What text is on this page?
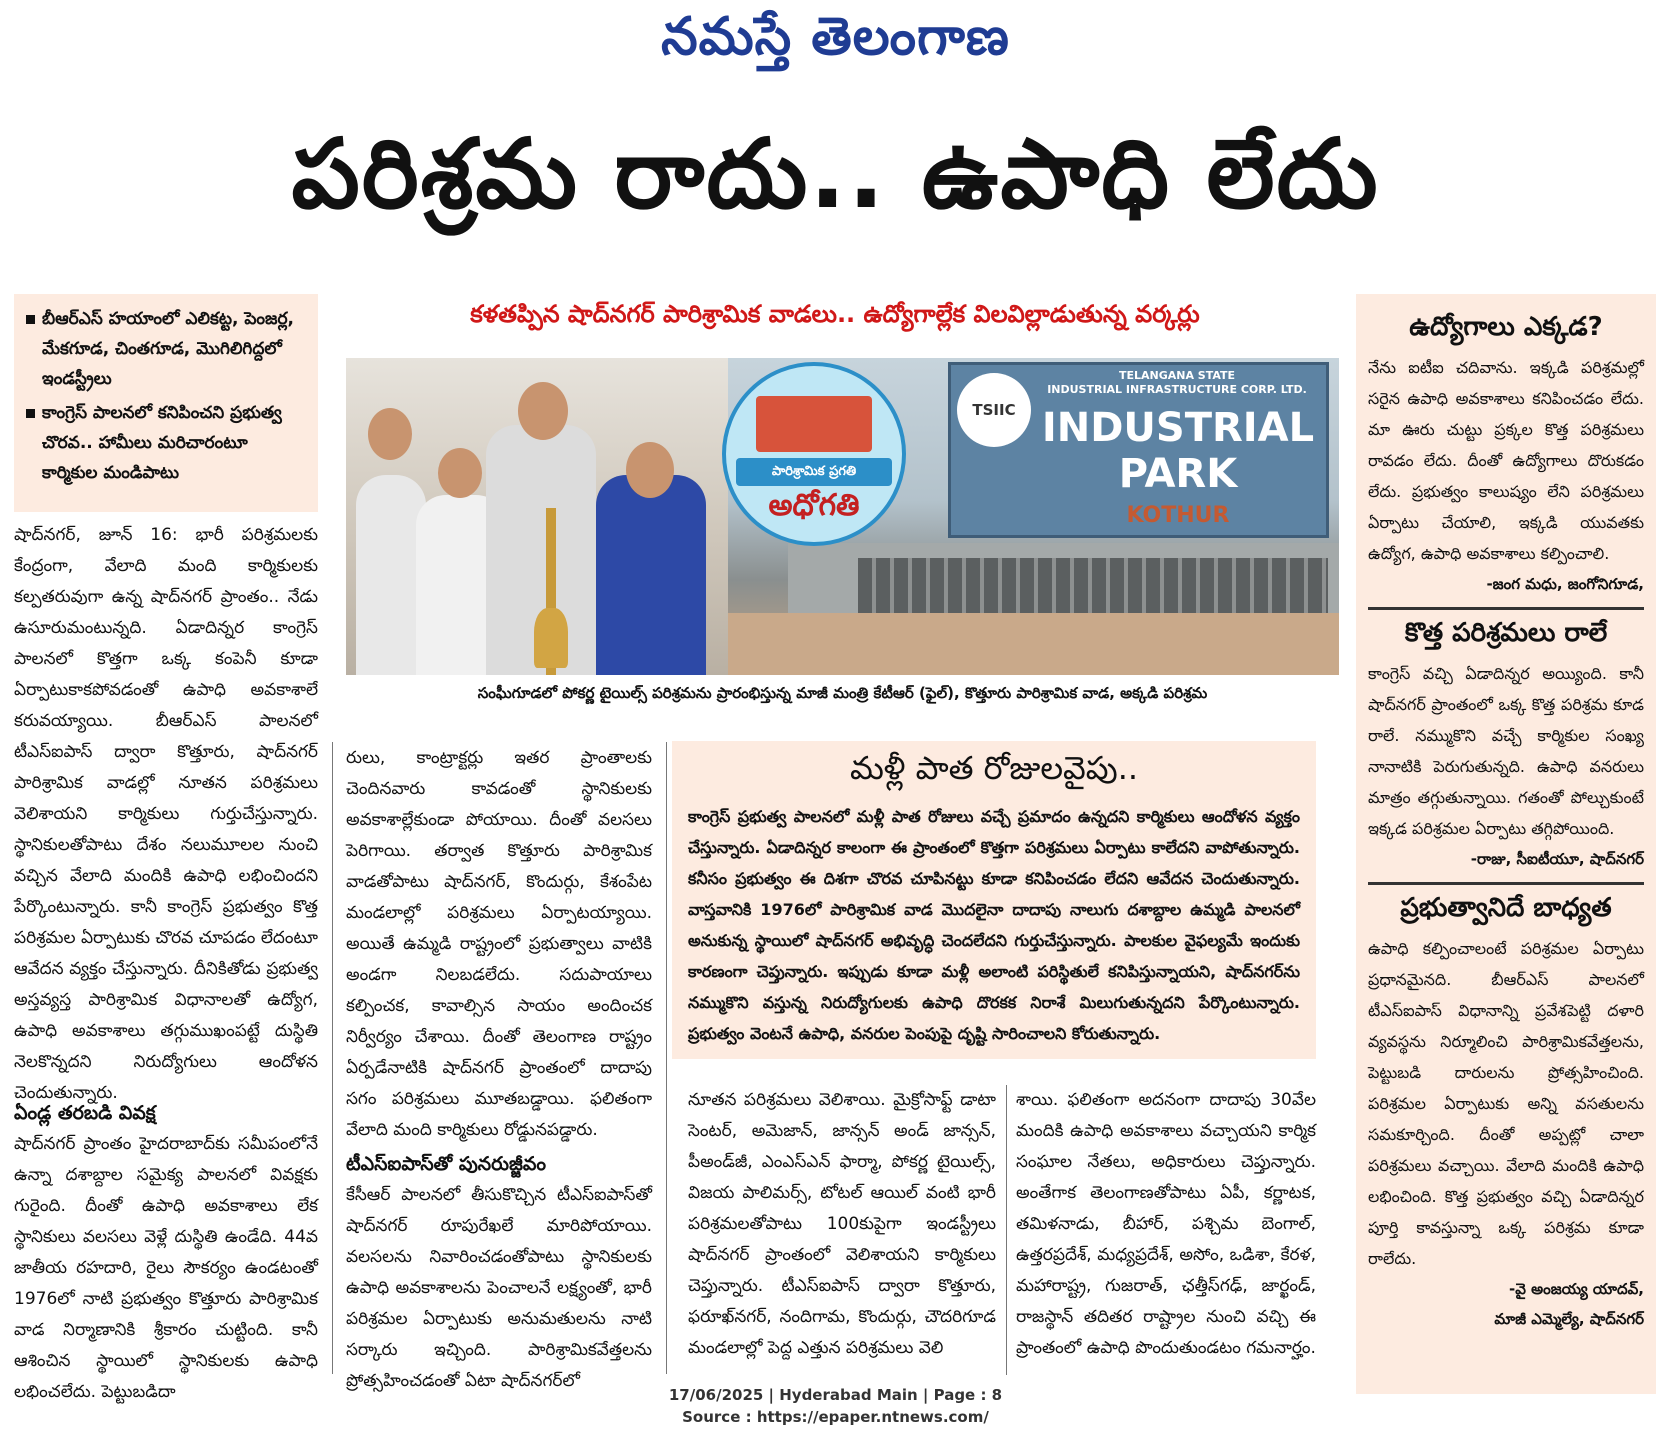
నమస్తే తెలంగాణ
పరిశ్రమ రాదు.. ఉపాధి లేదు
బీఆర్ఎస్ హయాంలో ఎలికట్ట, పెంజర్ల, మేకగూడ, చింతగూడ, మొగిలిగిద్దలో ఇండస్ట్రీలు
కాంగ్రెస్ పాలనలో కనిపించని ప్రభుత్వ చొరవ.. హామీలు మరిచారంటూ కార్మికుల మండిపాటు
కళతప్పిన షాద్‌నగర్ పారిశ్రామిక వాడలు.. ఉద్యోగాల్లేక విలవిల్లాడుతున్న వర్కర్లు
TSIIC
TELANGANA STATE
INDUSTRIAL INFRASTRUCTURE CORP. LTD.
INDUSTRIAL PARK
KOTHUR
పారిశ్రామిక ప్రగతి
అధోగతి
సంఘీగూడలో పోకర్ణ టైయిల్స్ పరిశ్రమను ప్రారంభిస్తున్న మాజీ మంత్రి కేటీఆర్ (ఫైల్), కొత్తూరు పారిశ్రామిక వాడ, అక్కడి పరిశ్రమ
షాద్‌నగర్, జూన్ 16: భారీ పరిశ్రమలకు కేంద్రంగా, వేలాది మంది కార్మికులకు కల్పతరువుగా ఉన్న షాద్‌నగర్ ప్రాంతం.. నేడు ఉసూరుమంటున్నది. ఏడాదిన్నర కాంగ్రెస్ పాలనలో కొత్తగా ఒక్క కంపెనీ కూడా ఏర్పాటుకాకపోవడంతో ఉపాధి అవకాశాలే కరువయ్యాయి. బీఆర్ఎస్ పాలనలో టీఎస్‌ఐపాస్ ద్వారా కొత్తూరు, షాద్‌నగర్ పారిశ్రామిక వాడల్లో నూతన పరిశ్రమలు వెలిశాయని కార్మికులు గుర్తుచేస్తున్నారు. స్థానికులతోపాటు దేశం నలుమూలల నుంచి వచ్చిన వేలాది మందికి ఉపాధి లభించిందని పేర్కొంటున్నారు. కానీ కాంగ్రెస్ ప్రభుత్వం కొత్త పరిశ్రమల ఏర్పాటుకు చొరవ చూపడం లేదంటూ ఆవేదన వ్యక్తం చేస్తున్నారు. దీనికితోడు ప్రభుత్వ అస్తవ్యస్త పారిశ్రామిక విధానాలతో ఉద్యోగ, ఉపాధి అవకాశాలు తగ్గుముఖంపట్టే దుస్థితి నెలకొన్నదని నిరుద్యోగులు ఆందోళన చెందుతున్నారు.
ఏండ్ల తరబడి వివక్ష
షాద్‌నగర్ ప్రాంతం హైదరాబాద్‌కు సమీపంలోనే ఉన్నా దశాబ్దాల సమైక్య పాలనలో వివక్షకు గురైంది. దీంతో ఉపాధి అవకాశాలు లేక స్థానికులు వలసలు వెళ్లే దుస్థితి ఉండేది. 44వ జాతీయ రహదారి, రైలు సౌకర్యం ఉండటంతో 1976లో నాటి ప్రభుత్వం కొత్తూరు పారిశ్రామిక వాడ నిర్మాణానికి శ్రీకారం చుట్టింది. కానీ ఆశించిన స్థాయిలో స్థానికులకు ఉపాధి లభించలేదు. పెట్టుబడిదా
రులు, కాంట్రాక్టర్లు ఇతర ప్రాంతాలకు చెందినవారు కావడంతో స్థానికులకు అవకాశాల్లేకుండా పోయాయి. దీంతో వలసలు పెరిగాయి. తర్వాత కొత్తూరు పారిశ్రామిక వాడతోపాటు షాద్‌నగర్, కొందుర్గు, కేశంపేట మండలాల్లో పరిశ్రమలు ఏర్పాటయ్యాయి. అయితే ఉమ్మడి రాష్ట్రంలో ప్రభుత్వాలు వాటికి అండగా నిలబడలేదు. సదుపాయాలు కల్పించక, కావాల్సిన సాయం అందించక నిర్వీర్యం చేశాయి. దీంతో తెలంగాణ రాష్ట్రం ఏర్పడేనాటికి షాద్‌నగర్ ప్రాంతంలో దాదాపు సగం పరిశ్రమలు మూతబడ్డాయి. ఫలితంగా వేలాది మంది కార్మికులు రోడ్డునపడ్డారు.
టీఎస్‌ఐపాస్‌తో పునరుజ్జీవం
కేసీఆర్ పాలనలో తీసుకొచ్చిన టీఎస్‌ఐపాస్‌తో షాద్‌నగర్ రూపురేఖలే మారిపోయాయి. వలసలను నివారించడంతోపాటు స్థానికులకు ఉపాధి అవకాశాలను పెంచాలనే లక్ష్యంతో, భారీ పరిశ్రమల ఏర్పాటుకు అనుమతులను నాటి సర్కారు ఇచ్చింది. పారిశ్రామికవేత్తలను ప్రోత్సహించడంతో ఏటా షాద్‌నగర్‌లో
మళ్లీ పాత రోజులవైపు..
కాంగ్రెస్ ప్రభుత్వ పాలనలో మళ్లీ పాత రోజులు వచ్చే ప్రమాదం ఉన్నదని కార్మికులు ఆందోళన వ్యక్తం చేస్తున్నారు. ఏడాదిన్నర కాలంగా ఈ ప్రాంతంలో కొత్తగా పరిశ్రమలు ఏర్పాటు కాలేదని వాపోతున్నారు. కనీసం ప్రభుత్వం ఈ దిశగా చొరవ చూపినట్టు కూడా కనిపించడం లేదని ఆవేదన చెందుతున్నారు. వాస్తవానికి 1976లో పారిశ్రామిక వాడ మొదలైనా దాదాపు నాలుగు దశాబ్దాల ఉమ్మడి పాలనలో అనుకున్న స్థాయిలో షాద్‌నగర్ అభివృద్ధి చెందలేదని గుర్తుచేస్తున్నారు. పాలకుల వైఫల్యమే ఇందుకు కారణంగా చెప్తున్నారు. ఇప్పుడు కూడా మళ్లీ అలాంటి పరిస్థితులే కనిపిస్తున్నాయని, షాద్‌నగర్‌ను నమ్ముకొని వస్తున్న నిరుద్యోగులకు ఉపాధి దొరకక నిరాశే మిలుగుతున్నదని పేర్కొంటున్నారు. ప్రభుత్వం వెంటనే ఉపాధి, వనరుల పెంపుపై దృష్టి సారించాలని కోరుతున్నారు.
నూతన పరిశ్రమలు వెలిశాయి. మైక్రోసాఫ్ట్ డాటా సెంటర్, అమెజాన్, జాన్సన్ అండ్ జాన్సన్, పీఅండ్‌జీ, ఎంఎస్ఎన్ ఫార్మా, పోకర్ణ టైయిల్స్, విజయ పాలిమర్స్, టోటల్ ఆయిల్ వంటి భారీ పరిశ్రమలతోపాటు 100కుపైగా ఇండస్ట్రీలు షాద్‌నగర్ ప్రాంతంలో వెలిశాయని కార్మికులు చెప్తున్నారు. టీఎస్‌ఐపాస్ ద్వారా కొత్తూరు, ఫరూఖ్‌నగర్, నందిగామ, కొందుర్గు, చౌదరిగూడ మండలాల్లో పెద్ద ఎత్తున పరిశ్రమలు వెలి
శాయి. ఫలితంగా అదనంగా దాదాపు 30వేల మందికి ఉపాధి అవకాశాలు వచ్చాయని కార్మిక సంఘాల నేతలు, అధికారులు చెప్తున్నారు. అంతేగాక తెలంగాణతోపాటు ఏపీ, కర్ణాటక, తమిళనాడు, బీహార్, పశ్చిమ బెంగాల్, ఉత్తరప్రదేశ్, మధ్యప్రదేశ్, అసోం, ఒడిశా, కేరళ, మహారాష్ట్ర, గుజరాత్, ఛత్తీస్‌గఢ్, జార్ఖండ్, రాజస్థాన్ తదితర రాష్ట్రాల నుంచి వచ్చి ఈ ప్రాంతంలో ఉపాధి పొందుతుండటం గమనార్హం.
ఉద్యోగాలు ఎక్కడ?
నేను ఐటీఐ చదివాను. ఇక్కడి పరిశ్రమల్లో సరైన ఉపాధి అవకాశాలు కనిపించడం లేదు. మా ఊరు చుట్టు ప్రక్కల కొత్త పరిశ్రమలు రావడం లేదు. దీంతో ఉద్యోగాలు దొరుకడం లేదు. ప్రభుత్వం కాలుష్యం లేని పరిశ్రమలు ఏర్పాటు చేయాలి, ఇక్కడి యువతకు ఉద్యోగ, ఉపాధి అవకాశాలు కల్పించాలి.
-జంగ మధు, జంగోనిగూడ,
కొత్త పరిశ్రమలు రాలే
కాంగ్రెస్ వచ్చి ఏడాదిన్నర అయ్యింది. కానీ షాద్‌నగర్ ప్రాంతంలో ఒక్క కొత్త పరిశ్రమ కూడ రాలే. నమ్ముకొని వచ్చే కార్మికుల సంఖ్య నానాటికి పెరుగుతున్నది. ఉపాధి వనరులు మాత్రం తగ్గుతున్నాయి. గతంతో పోల్చుకుంటే ఇక్కడ పరిశ్రమల ఏర్పాటు తగ్గిపోయింది.
-రాజు, సీఐటీయూ, షాద్‌నగర్
ప్రభుత్వానిదే బాధ్యత
ఉపాధి కల్పించాలంటే పరిశ్రమల ఏర్పాటు ప్రధానమైనది. బీఆర్ఎస్ పాలనలో టీఎస్‌ఐపాస్ విధానాన్ని ప్రవేశపెట్టి దళారి వ్యవస్థను నిర్మూలించి పారిశ్రామికవేత్తలను, పెట్టుబడి దారులను ప్రోత్సహించింది. పరిశ్రమల ఏర్పాటుకు అన్ని వసతులను సమకూర్చింది. దీంతో అప్పట్లో చాలా పరిశ్రమలు వచ్చాయి. వేలాది మందికి ఉపాధి లభించింది. కొత్త ప్రభుత్వం వచ్చి ఏడాదిన్నర పూర్తి కావస్తున్నా ఒక్క పరిశ్రమ కూడా రాలేదు.
-వై అంజయ్య యాదవ్,
మాజీ ఎమ్మెల్యే, షాద్‌నగర్
17/06/2025 | Hyderabad Main | Page : 8
Source : https://epaper.ntnews.com/
